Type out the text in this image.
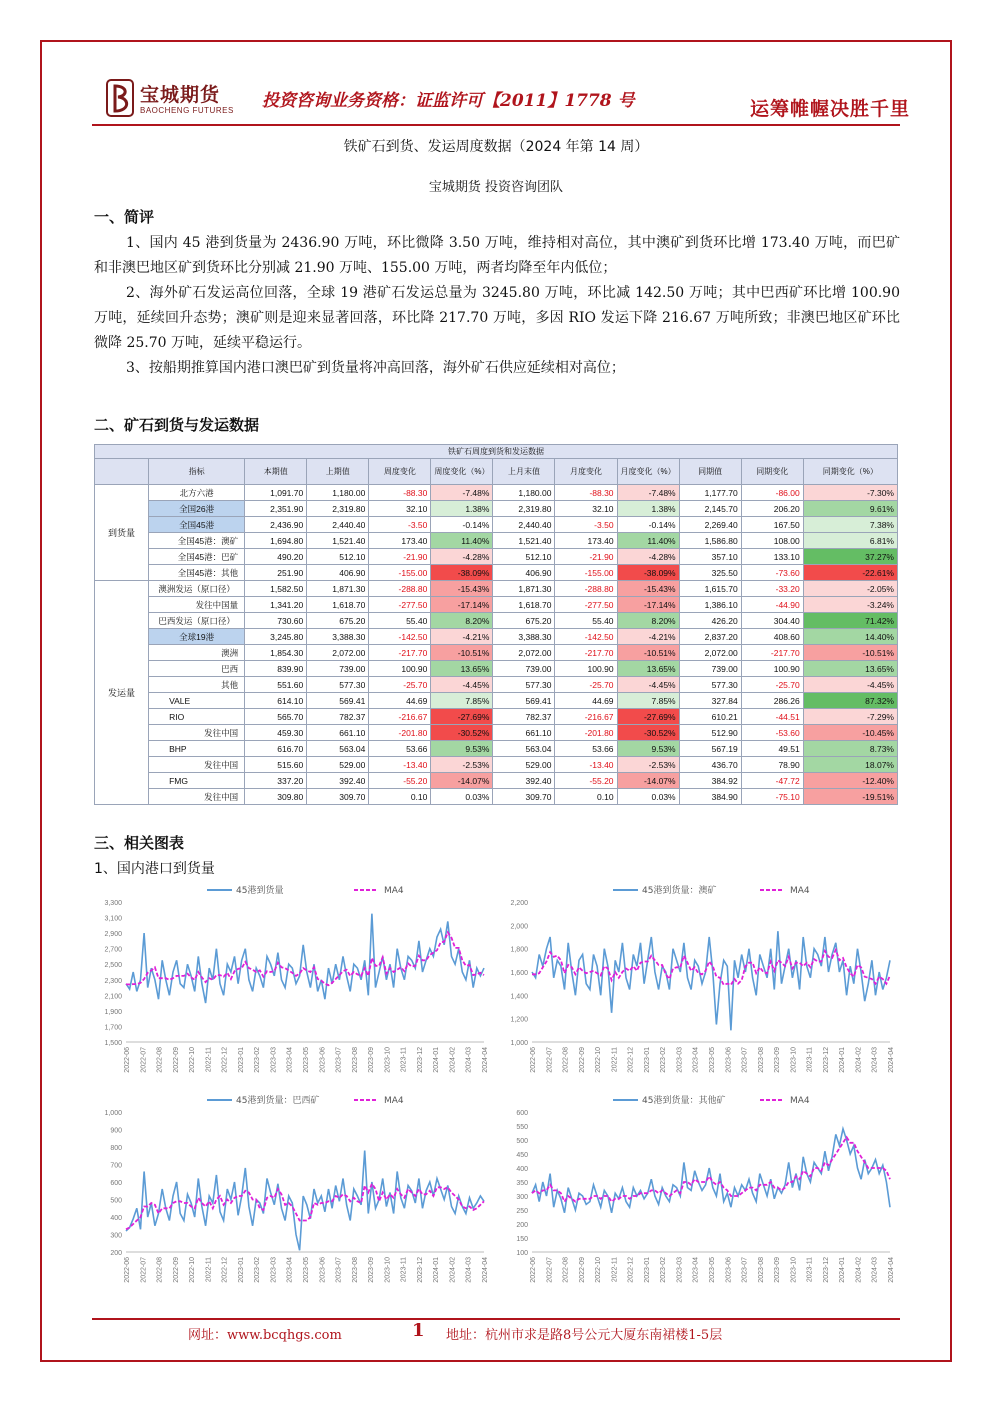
宝城期货
BAOCHENG FUTURES 投资咨询业务资格：证监许可【2011】1778 号	运筹帷幄决胜千里
铁矿石到货、发运周度数据（2024 年第 14 周）
宝城期货 投资咨询团队
一、简评

1、国内 45 港到货量为 2436.90 万吨，环比微降 3.50 万吨，维持相对高位，其中澳矿到货环比增 173.40 万吨，而巴矿和非澳巴地区矿到货环比分别减 21.90 万吨、155.00 万吨，两者均降至年内低位；

2、海外矿石发运高位回落，全球 19 港矿石发运总量为 3245.80 万吨，环比减 142.50 万吨；其中巴西矿环比增 100.90 万吨，延续回升态势；澳矿则是迎来显著回落，环比降 217.70 万吨，多因 RIO 发运下降 216.67 万吨所致；非澳巴地区矿环比微降 25.70 万吨，延续平稳运行。

3、按船期推算国内港口澳巴矿到货量将冲高回落，海外矿石供应延续相对高位；

二、矿石到货与发运数据
铁矿石周度到货和发运数据											
	指标	本期值	上期值	周度变化	周度变化（%）	上月末值	月度变化	月度变化（%）	同期值	同期变化	同期变化（%）
到货量	北方六港	1,091.70	1,180.00	-88.30	-7.48%	1,180.00	-88.30	-7.48%	1,177.70	-86.00	-7.30%
	全国26港	2,351.90	2,319.80	32.10	1.38%	2,319.80	32.10	1.38%	2,145.70	206.20	9.61%
	全国45港	2,436.90	2,440.40	-3.50	-0.14%	2,440.40	-3.50	-0.14%	2,269.40	167.50	7.38%
	全国45港：澳矿	1,694.80	1,521.40	173.40	11.40%	1,521.40	173.40	11.40%	1,586.80	108.00	6.81%
	全国45港：巴矿	490.20	512.10	-21.90	-4.28%	512.10	-21.90	-4.28%	357.10	133.10	37.27%
	全国45港：其他	251.90	406.90	-155.00	-38.09%	406.90	-155.00	-38.09%	325.50	-73.60	-22.61%
发运量	澳洲发运（原口径）	1,582.50	1,871.30	-288.80	-15.43%	1,871.30	-288.80	-15.43%	1,615.70	-33.20	-2.05%
	发往中国量	1,341.20	1,618.70	-277.50	-17.14%	1,618.70	-277.50	-17.14%	1,386.10	-44.90	-3.24%
	巴西发运（原口径）	730.60	675.20	55.40	8.20%	675.20	55.40	8.20%	426.20	304.40	71.42%
	全球19港	3,245.80	3,388.30	-142.50	-4.21%	3,388.30	-142.50	-4.21%	2,837.20	408.60	14.40%
	澳洲	1,854.30	2,072.00	-217.70	-10.51%	2,072.00	-217.70	-10.51%	2,072.00	-217.70	-10.51%
	巴西	839.90	739.00	100.90	13.65%	739.00	100.90	13.65%	739.00	100.90	13.65%
	其他	551.60	577.30	-25.70	-4.45%	577.30	-25.70	-4.45%	577.30	-25.70	-4.45%
	VALE	614.10	569.41	44.69	7.85%	569.41	44.69	7.85%	327.84	286.26	87.32%
	RIO	565.70	782.37	-216.67	-27.69%	782.37	-216.67	-27.69%	610.21	-44.51	-7.29%
	发往中国	459.30	661.10	-201.80	-30.52%	661.10	-201.80	-30.52%	512.90	-53.60	-10.45%
	BHP	616.70	563.04	53.66	9.53%	563.04	53.66	9.53%	567.19	49.51	8.73%
	发往中国	515.60	529.00	-13.40	-2.53%	529.00	-13.40	-2.53%	436.70	78.90	18.07%
	FMG	337.20	392.40	-55.20	-14.07%	392.40	-55.20	-14.07%	384.92	-47.72	-12.40%
	发往中国	309.80	309.70	0.10	0.03%	309.70	0.10	0.03%	384.90	-75.10	-19.51%
三、相关图表
1、国内港口到货量
45港到货量	MA4
1,500
1,700
1,900
2,100
2,300
2,500
2,700
2,900
3,100
3,300
2022-06 2022-07 2022-08 2022-09 2022-10 2022-11 2022-12 2023-01 2023-02 2023-03 2023-04 2023-05 2023-06 2023-07 2023-08 2023-09 2023-10 2023-11 2023-12 2024-01 2024-02 2024-03 2024-04
45港到货量：澳矿	MA4
1,000
1,200
1,400
1,600
1,800
2,000
2,200
2022-06 2022-07 2022-08 2022-09 2022-10 2022-11 2022-12 2023-01 2023-02 2023-03 2023-04 2023-05 2023-06 2023-07 2023-08 2023-09 2023-10 2023-11 2023-12 2024-01 2024-02 2024-03 2024-04
45港到货量：巴西矿	MA4
200
300
400
500
600
700
800
900
1,000
2022-06 2022-07 2022-08 2022-09 2022-10 2022-11 2022-12 2023-01 2023-02 2023-03 2023-04 2023-05 2023-06 2023-07 2023-08 2023-09 2023-10 2023-11 2023-12 2024-01 2024-02 2024-03 2024-04
45港到货量：其他矿	MA4
100
150
200
250
300
350
400
450
500
550
600
2022-06 2022-07 2022-08 2022-09 2022-10 2022-11 2022-12 2023-01 2023-02 2023-03 2023-04 2023-05 2023-06 2023-07 2023-08 2023-09 2023-10 2023-11 2023-12 2024-01 2024-02 2024-03 2024-04
网址：www.bcqhgs.com	1 地址：杭州市求是路8号公元大厦东南裙楼1-5层
